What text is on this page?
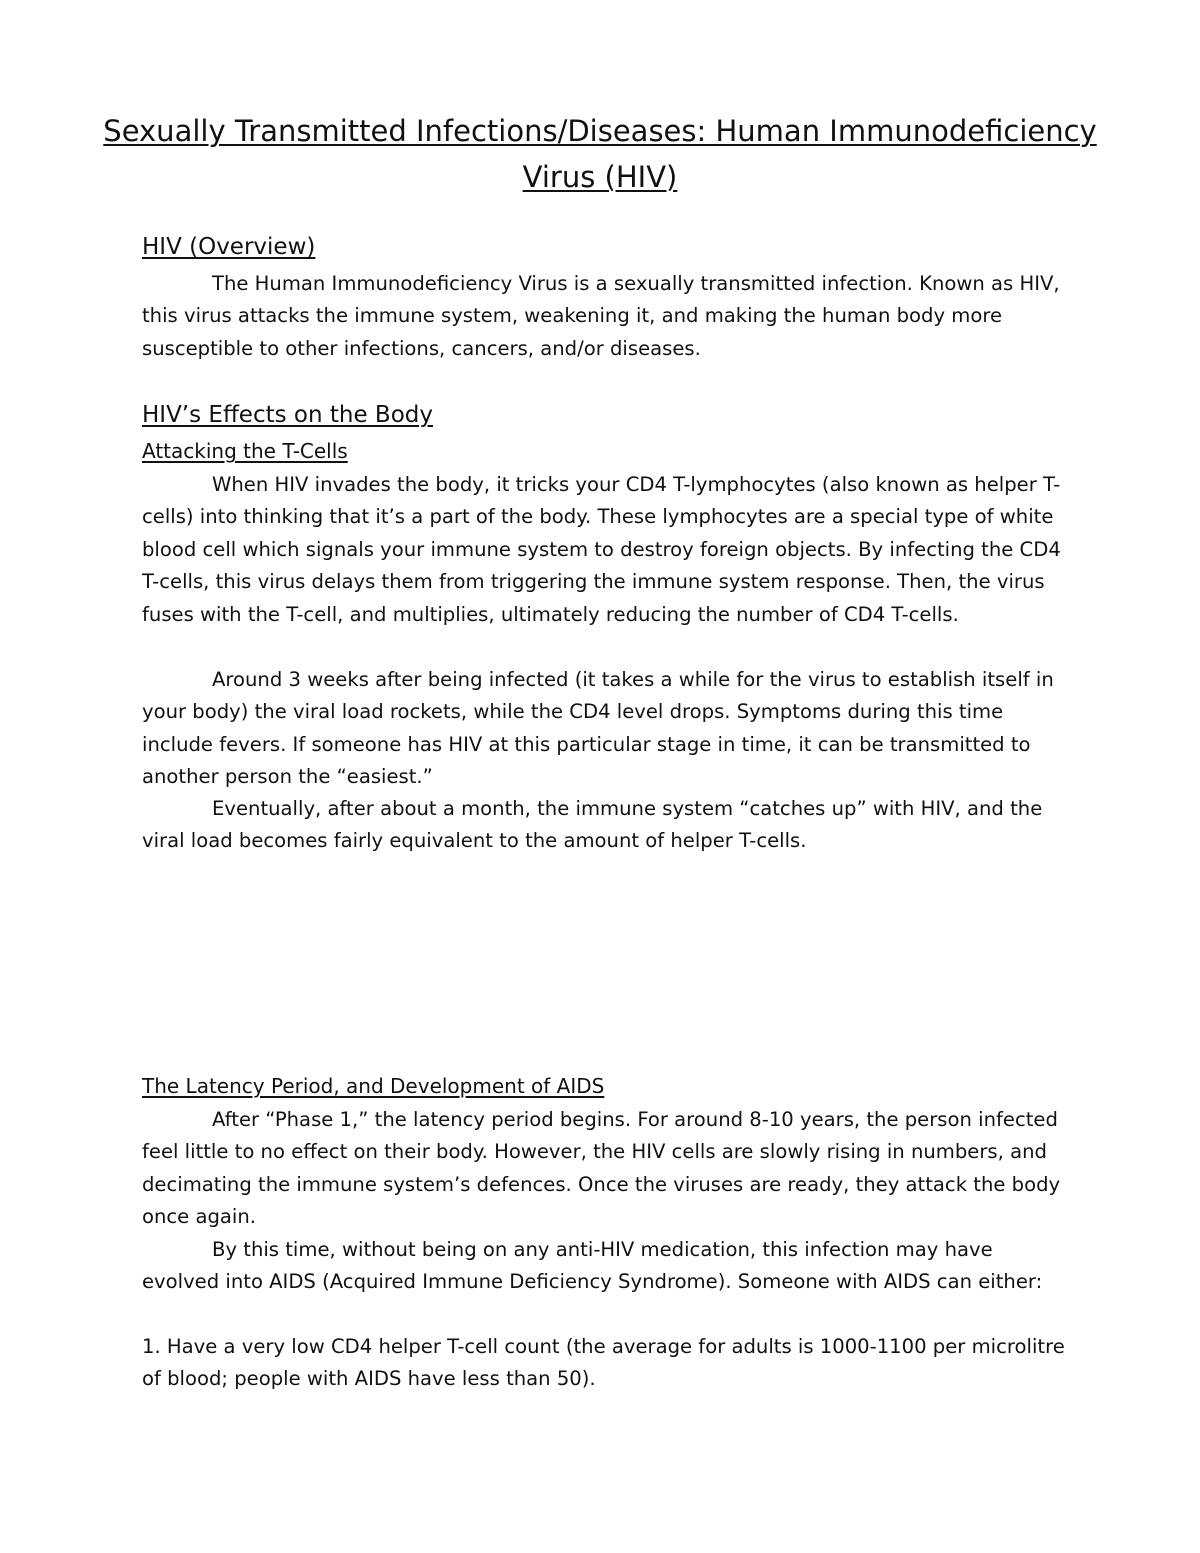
Sexually Transmitted Infections/Diseases: Human Immunodeficiency Virus (HIV)
HIV (Overview)

The Human Immunodeficiency Virus is a sexually transmitted infection. Known as HIV, this virus attacks the immune system, weakening it, and making the human body more susceptible to other infections, cancers, and/or diseases.

HIV’s Effects on the Body
Attacking the T-Cells

When HIV invades the body, it tricks your CD4 T-lymphocytes (also known as helper T-cells) into thinking that it’s a part of the body. These lymphocytes are a special type of white blood cell which signals your immune system to destroy foreign objects. By infecting the CD4 T-cells, this virus delays them from triggering the immune system response. Then, the virus fuses with the T-cell, and multiplies, ultimately reducing the number of CD4 T-cells.

Around 3 weeks after being infected (it takes a while for the virus to establish itself in your body) the viral load rockets, while the CD4 level drops. Symptoms during this time include fevers. If someone has HIV at this particular stage in time, it can be transmitted to another person the “easiest.”

Eventually, after about a month, the immune system “catches up” with HIV, and the viral load becomes fairly equivalent to the amount of helper T-cells.

The Latency Period, and Development of AIDS

After “Phase 1,” the latency period begins. For around 8-10 years, the person infected feel little to no effect on their body. However, the HIV cells are slowly rising in numbers, and decimating the immune system’s defences. Once the viruses are ready, they attack the body once again.

By this time, without being on any anti-HIV medication, this infection may have evolved into AIDS (Acquired Immune Deficiency Syndrome). Someone with AIDS can either:

1. Have a very low CD4 helper T-cell count (the average for adults is 1000-1100 per microlitre of blood; people with AIDS have less than 50).
